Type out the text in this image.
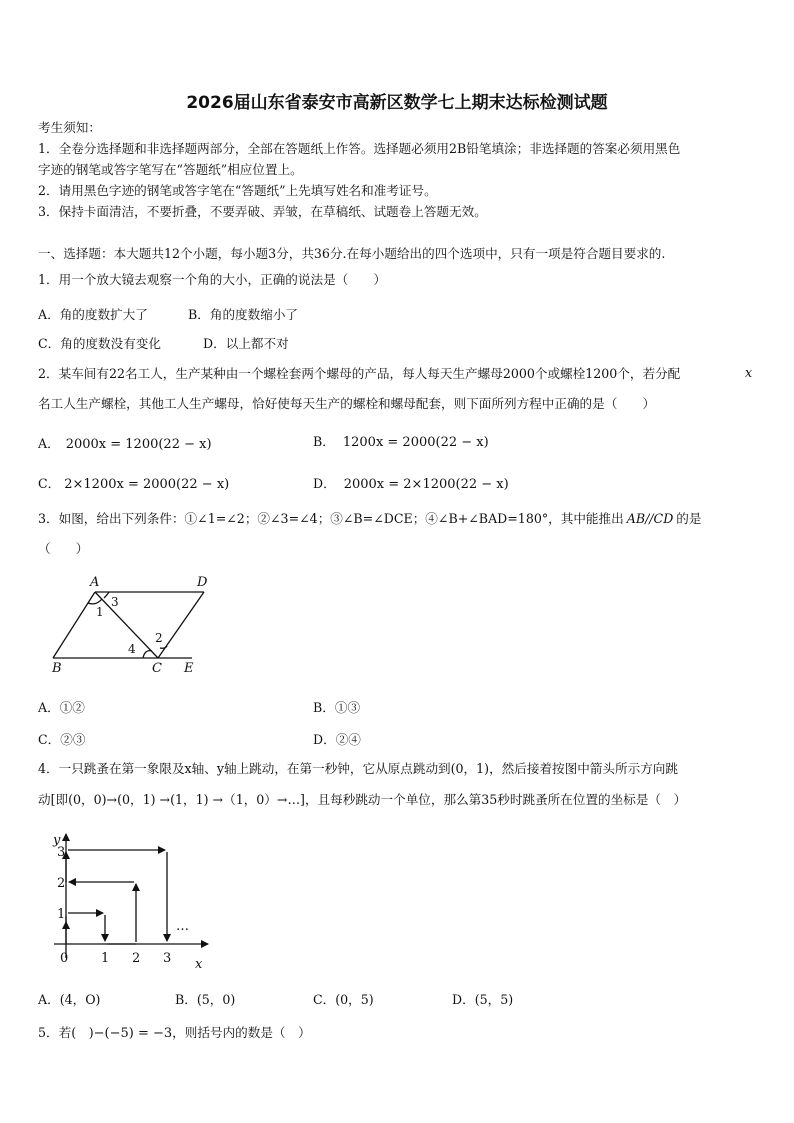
2026届山东省泰安市高新区数学七上期末达标检测试题
考生须知：
1．全卷分选择题和非选择题两部分，全部在答题纸上作答。选择题必须用2B铅笔填涂；非选择题的答案必须用黑色
字迹的钢笔或答字笔写在“答题纸”相应位置上。
2．请用黑色字迹的钢笔或答字笔在“答题纸”上先填写姓名和准考证号。
3．保持卡面清洁，不要折叠，不要弄破、弄皱，在草稿纸、试题卷上答题无效。
一、选择题：本大题共12个小题，每小题3分，共36分.在每小题给出的四个选项中，只有一项是符合题目要求的.
1．用一个放大镜去观察一个角的大小，正确的说法是（　　）
A．角的度数扩大了	B．角的度数缩小了
C．角的度数没有变化	D．以上都不对
2．某车间有22名工人，生产某种由一个螺栓套两个螺母的产品，每人每天生产螺母2000个或螺栓1200个，若分配	x
名工人生产螺栓，其他工人生产螺母，恰好使每天生产的螺栓和螺母配套，则下面所列方程中正确的是（　　）
A． 2000x = 1200(22 − x)	B． 1200x = 2000(22 − x)
C． 2×1200x = 2000(22 − x)	D． 2000x = 2×1200(22 − x)
3．如图，给出下列条件：①∠1=∠2；②∠3=∠4；③∠B=∠DCE；④∠B+∠BAD=180°，其中能推出 AB//CD 的是
（　　）
A	D
B	C E
1
3
2
4
A．①②	B．①③
C．②③	D．②④
4．一只跳蚤在第一象限及x轴、y轴上跳动，在第一秒钟，它从原点跳动到(0，1)，然后接着按图中箭头所示方向跳
动[即(0，0)→(0，1) →(1，1) →（1，0）→…]，且每秒跳动一个单位，那么第35秒时跳蚤所在位置的坐标是（　）
y
x
0	1 2 3
1
2
3
…
A．(4，O)	B．(5，0)	C．(0，5)	D．(5，5)
5．若(　)−(−5) = −3，则括号内的数是（　）
